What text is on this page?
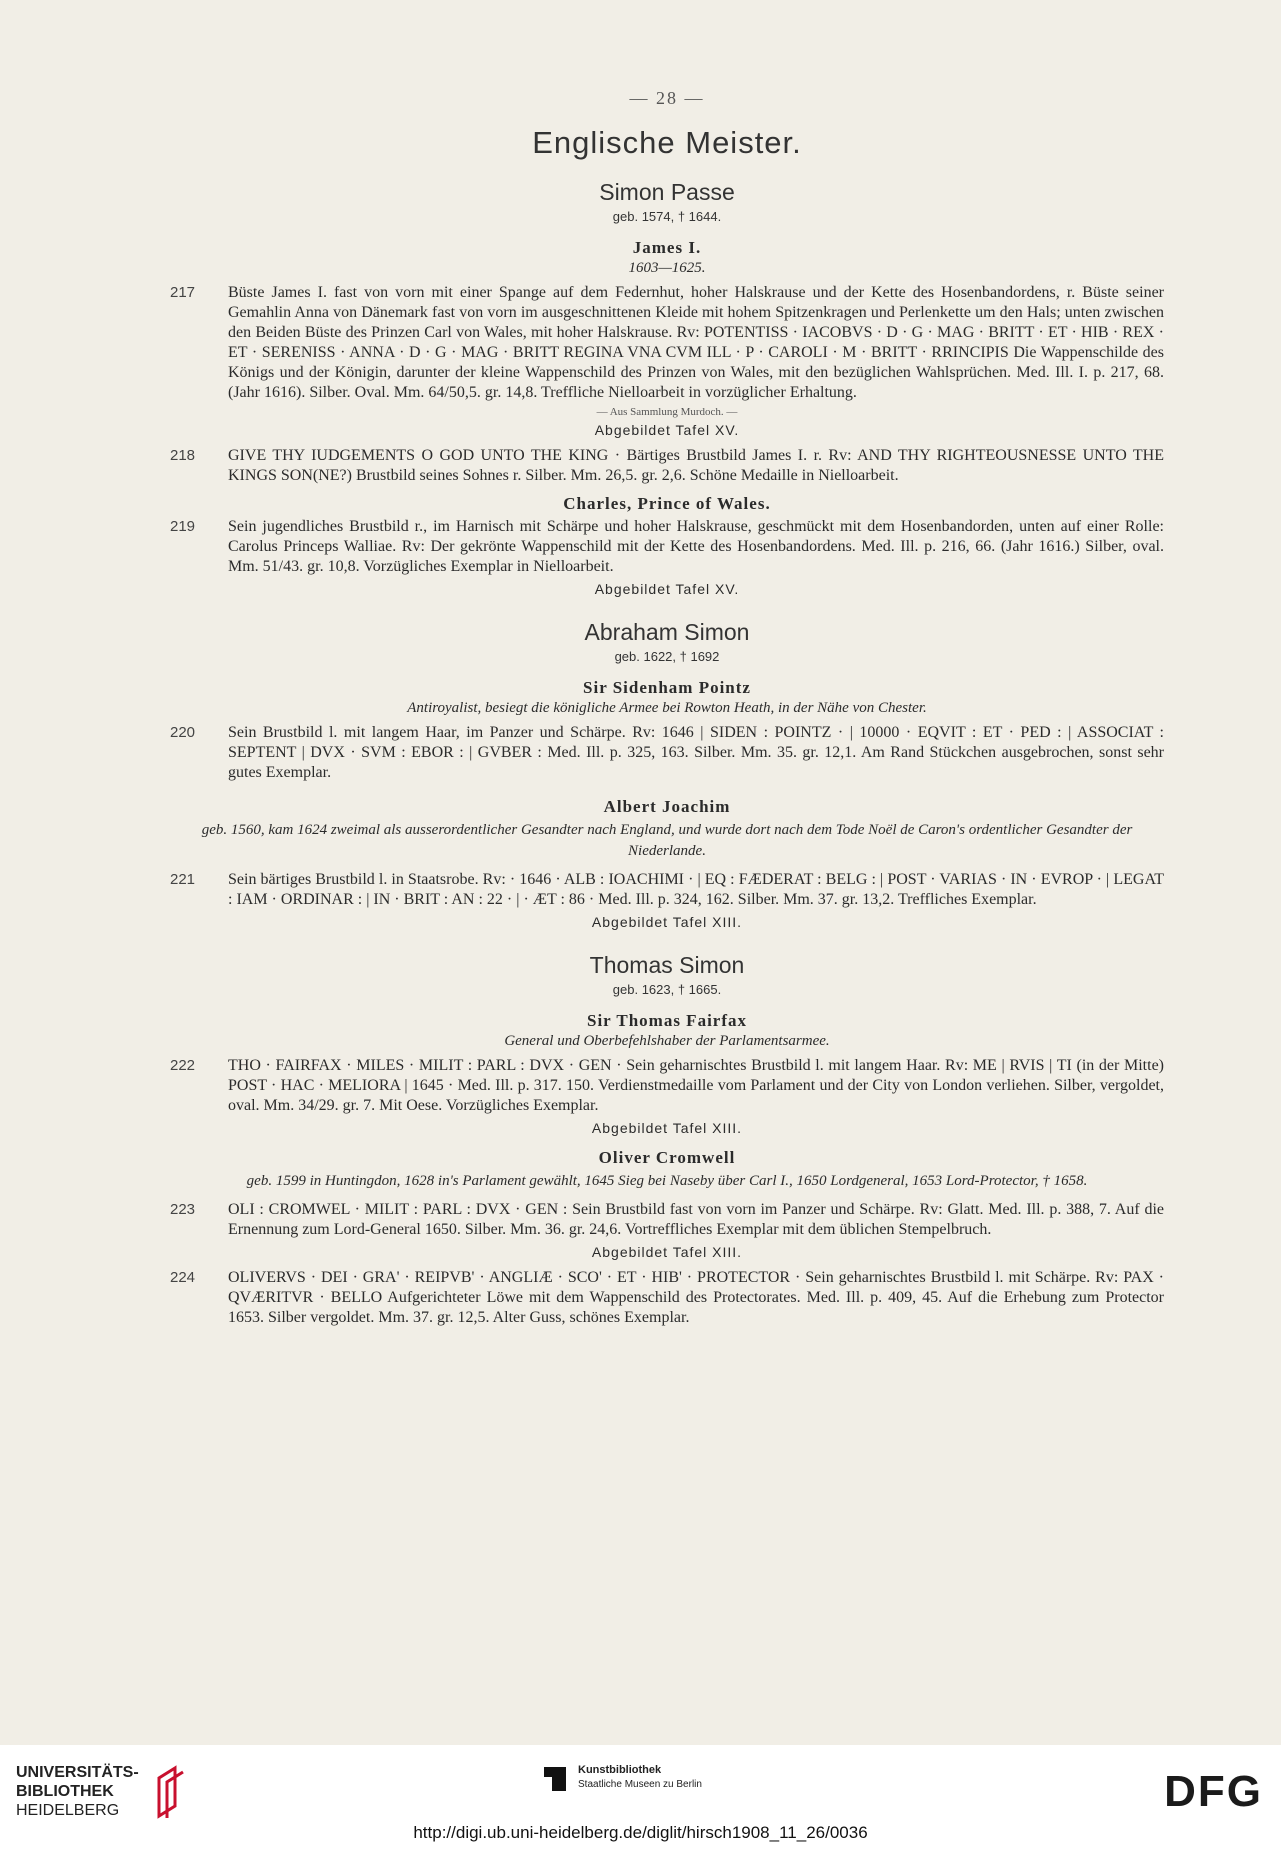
— 28 —
Englische Meister.
Simon Passe
geb. 1574, † 1644.
James I.
1603—1625.
217 Büste James I. fast von vorn mit einer Spange auf dem Federnhut, hoher Halskrause und der Kette des Hosenbandordens, r. Büste seiner Gemahlin Anna von Dänemark fast von vorn im ausgeschnittenen Kleide mit hohem Spitzenkragen und Perlenkette um den Hals; unten zwischen den Beiden Büste des Prinzen Carl von Wales, mit hoher Halskrause. Rv: POTENTISS · IACOBVS · D · G · MAG · BRITT · ET · HIB · REX · ET · SERENISS · ANNA · D · G · MAG · BRITT REGINA VNA CVM ILL · P · CAROLI · M · BRITT · RRINCIPIS Die Wappenschilde des Königs und der Königin, darunter der kleine Wappenschild des Prinzen von Wales, mit den bezüglichen Wahlsprüchen. Med. Ill. I. p. 217, 68. (Jahr 1616). Silber. Oval. Mm. 64/50,5. gr. 14,8. Treffliche Nielloarbeit in vorzüglicher Erhaltung.
— Aus Sammlung Murdoch. —
Abgebildet Tafel XV.
218 GIVE THY IUDGEMENTS O GOD UNTO THE KING · Bärtiges Brustbild James I. r. Rv: AND THY RIGHTEOUSNESSE UNTO THE KINGS SON(NE?) Brustbild seines Sohnes r. Silber. Mm. 26,5. gr. 2,6. Schöne Medaille in Nielloarbeit.
Charles, Prince of Wales.
219 Sein jugendliches Brustbild r., im Harnisch mit Schärpe und hoher Halskrause, geschmückt mit dem Hosenbandorden, unten auf einer Rolle: Carolus Princeps Walliae. Rv: Der gekrönte Wappenschild mit der Kette des Hosenbandordens. Med. Ill. p. 216, 66. (Jahr 1616.) Silber, oval. Mm. 51/43. gr. 10,8. Vorzügliches Exemplar in Nielloarbeit.
Abgebildet Tafel XV.
Abraham Simon
geb. 1622, † 1692
Sir Sidenham Pointz
Antiroyalist, besiegt die königliche Armee bei Rowton Heath, in der Nähe von Chester.
220 Sein Brustbild l. mit langem Haar, im Panzer und Schärpe. Rv: 1646 | SIDEN : POINTZ · | 10000 · EQVIT : ET · PED : | ASSOCIAT : SEPTENT | DVX · SVM : EBOR : | GVBER : Med. Ill. p. 325, 163. Silber. Mm. 35. gr. 12,1. Am Rand Stückchen ausgebrochen, sonst sehr gutes Exemplar.
Albert Joachim
geb. 1560, kam 1624 zweimal als ausserordentlicher Gesandter nach England, und wurde dort nach dem Tode Noël de Caron's ordentlicher Gesandter der Niederlande.
221 Sein bärtiges Brustbild l. in Staatsrobe. Rv: · 1646 · ALB : IOACHIMI · | EQ : FÆDERAT : BELG : | POST · VARIAS · IN · EVROP · | LEGAT : IAM · ORDINAR : | IN · BRIT : AN : 22 · | · ÆT : 86 · Med. Ill. p. 324, 162. Silber. Mm. 37. gr. 13,2. Treffliches Exemplar.
Abgebildet Tafel XIII.
Thomas Simon
geb. 1623, † 1665.
Sir Thomas Fairfax
General und Oberbefehlshaber der Parlamentsarmee.
222 THO · FAIRFAX · MILES · MILIT : PARL : DVX · GEN · Sein geharnischtes Brustbild l. mit langem Haar. Rv: ME | RVIS | TI (in der Mitte) POST · HAC · MELIORA | 1645 · Med. Ill. p. 317. 150. Verdienstmedaille vom Parlament und der City von London verliehen. Silber, vergoldet, oval. Mm. 34/29. gr. 7. Mit Oese. Vorzügliches Exemplar.
Abgebildet Tafel XIII.
Oliver Cromwell
geb. 1599 in Huntingdon, 1628 in's Parlament gewählt, 1645 Sieg bei Naseby über Carl I., 1650 Lordgeneral, 1653 Lord-Protector, † 1658.
223 OLI : CROMWEL · MILIT : PARL : DVX · GEN : Sein Brustbild fast von vorn im Panzer und Schärpe. Rv: Glatt. Med. Ill. p. 388, 7. Auf die Ernennung zum Lord-General 1650. Silber. Mm. 36. gr. 24,6. Vortreffliches Exemplar mit dem üblichen Stempelbruch.
Abgebildet Tafel XIII.
224 OLIVERVS · DEI · GRA' · REIPVB' · ANGLIÆ · SCO' · ET · HIB' · PROTECTOR · Sein geharnischtes Brustbild l. mit Schärpe. Rv: PAX · QVÆRITVR · BELLO Aufgerichteter Löwe mit dem Wappenschild des Protectorates. Med. Ill. p. 409, 45. Auf die Erhebung zum Protector 1653. Silber vergoldet. Mm. 37. gr. 12,5. Alter Guss, schönes Exemplar.
UNIVERSITÄTS-
BIBLIOTHEK
HEIDELBERG
Kunstbibliothek
Staatliche Museen zu Berlin	DFG
http://digi.ub.uni-heidelberg.de/diglit/hirsch1908_11_26/0036
